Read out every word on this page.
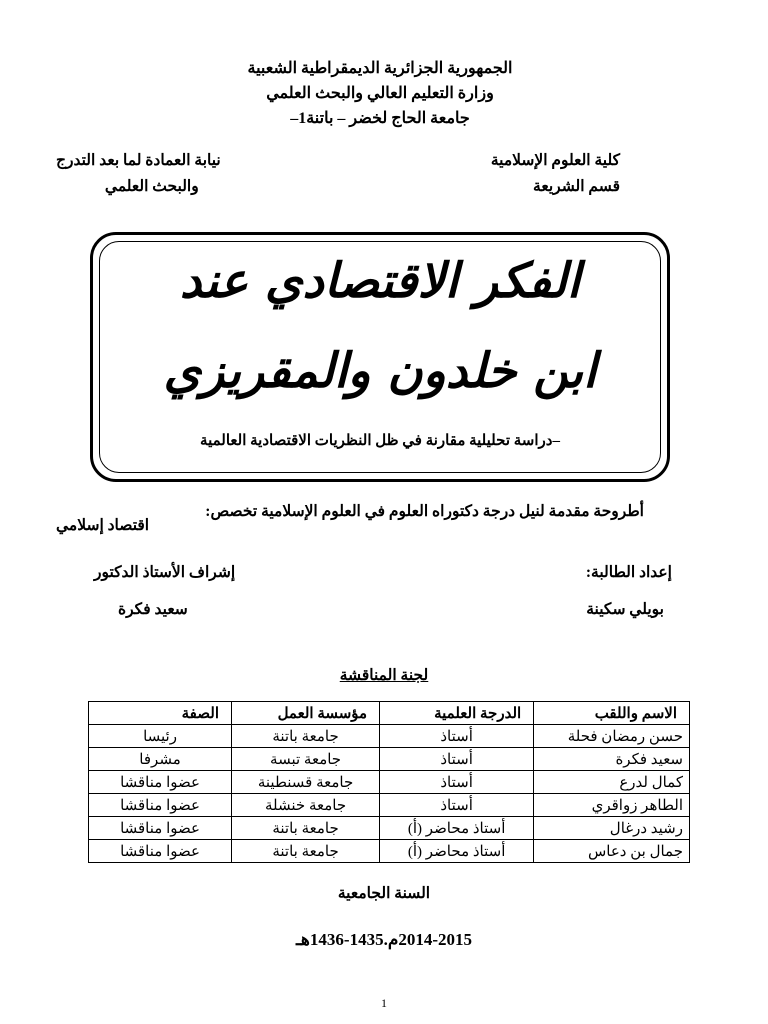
الجمهورية الجزائرية الديمقراطية الشعبية
وزارة التعليم العالي والبحث العلمي
جامعة الحاج لخضر – باتنة1–
كلية العلوم الإسلامية
قسم الشريعة
نيابة العمادة لما بعد التدرج
والبحث العلمي
الفكر الاقتصادي عند
ابن خلدون والمقريزي
–دراسة تحليلية مقارنة في ظل النظريات الاقتصادية العالمية
أطروحة مقدمة لنيل درجة دكتوراه العلوم في العلوم الإسلامية تخصص:
اقتصاد إسلامي
إعداد الطالبة:
إشراف الأستاذ الدكتور
بويلي سكينة
سعيد فكرة
لجنة المناقشة
الاسم واللقب	الدرجة العلمية	مؤسسة العمل	الصفة
حسن رمضان فحلة	أستاذ	جامعة باتنة	رئيسا
سعيد فكرة	أستاذ	جامعة تبسة	مشرفا
كمال لدرع	أستاذ	جامعة قسنطينة	عضوا مناقشا
الطاهر زواقري	أستاذ	جامعة خنشلة	عضوا مناقشا
رشيد درغال	أستاذ محاضر (أ)	جامعة باتنة	عضوا مناقشا
جمال بن دعاس	أستاذ محاضر (أ)	جامعة باتنة	عضوا مناقشا
السنة الجامعية
2014-2015م.1435-1436هـ
1
